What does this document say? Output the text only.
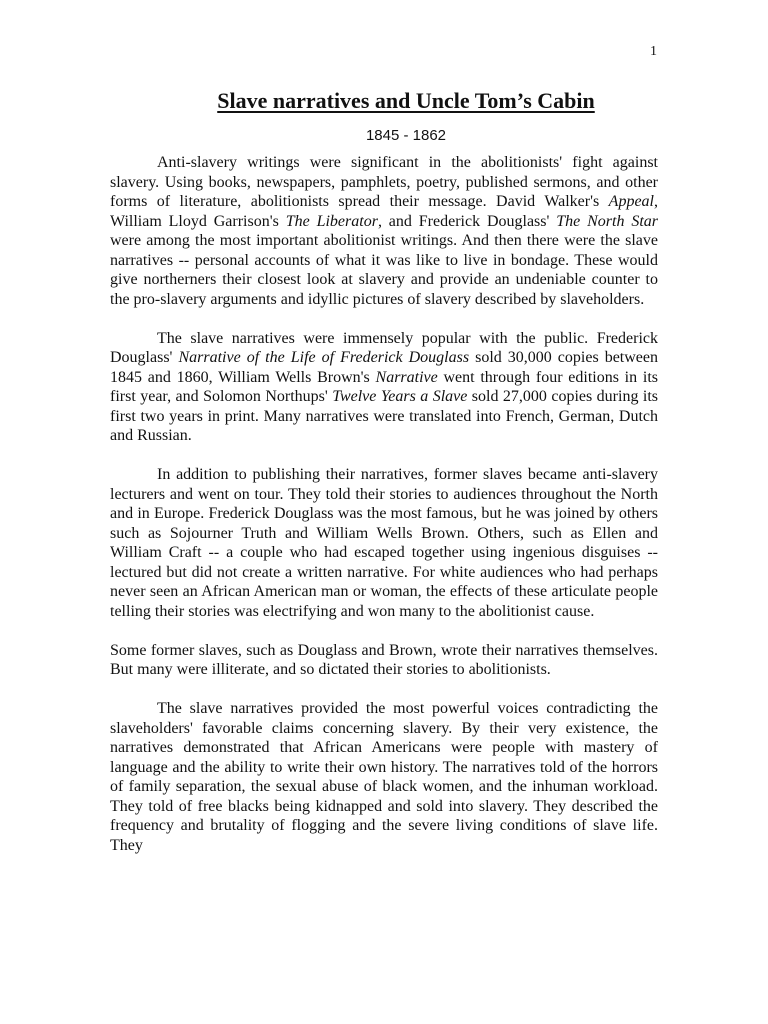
1
Slave narratives and Uncle Tom’s Cabin
1845 - 1862

Anti-slavery writings were significant in the abolitionists' fight against slavery. Using books, newspapers, pamphlets, poetry, published sermons, and other forms of literature, abolitionists spread their message. David Walker's Appeal, William Lloyd Garrison's The Liberator, and Frederick Douglass' The North Star were among the most important abolitionist writings. And then there were the slave narratives -- personal accounts of what it was like to live in bondage. These would give northerners their closest look at slavery and provide an undeniable counter to the pro-slavery arguments and idyllic pictures of slavery described by slaveholders.

The slave narratives were immensely popular with the public. Frederick Douglass' Narrative of the Life of Frederick Douglass sold 30,000 copies between 1845 and 1860, William Wells Brown's Narrative went through four editions in its first year, and Solomon Northups' Twelve Years a Slave sold 27,000 copies during its first two years in print. Many narratives were translated into French, German, Dutch and Russian.

In addition to publishing their narratives, former slaves became anti-slavery lecturers and went on tour. They told their stories to audiences throughout the North and in Europe. Frederick Douglass was the most famous, but he was joined by others such as Sojourner Truth and William Wells Brown. Others, such as Ellen and William Craft -- a couple who had escaped together using ingenious disguises -- lectured but did not create a written narrative. For white audiences who had perhaps never seen an African American man or woman, the effects of these articulate people telling their stories was electrifying and won many to the abolitionist cause.

Some former slaves, such as Douglass and Brown, wrote their narratives themselves. But many were illiterate, and so dictated their stories to abolitionists.

The slave narratives provided the most powerful voices contradicting the slaveholders' favorable claims concerning slavery. By their very existence, the narratives demonstrated that African Americans were people with mastery of language and the ability to write their own history. The narratives told of the horrors of family separation, the sexual abuse of black women, and the inhuman workload. They told of free blacks being kidnapped and sold into slavery. They described the frequency and brutality of flogging and the severe living conditions of slave life. They
